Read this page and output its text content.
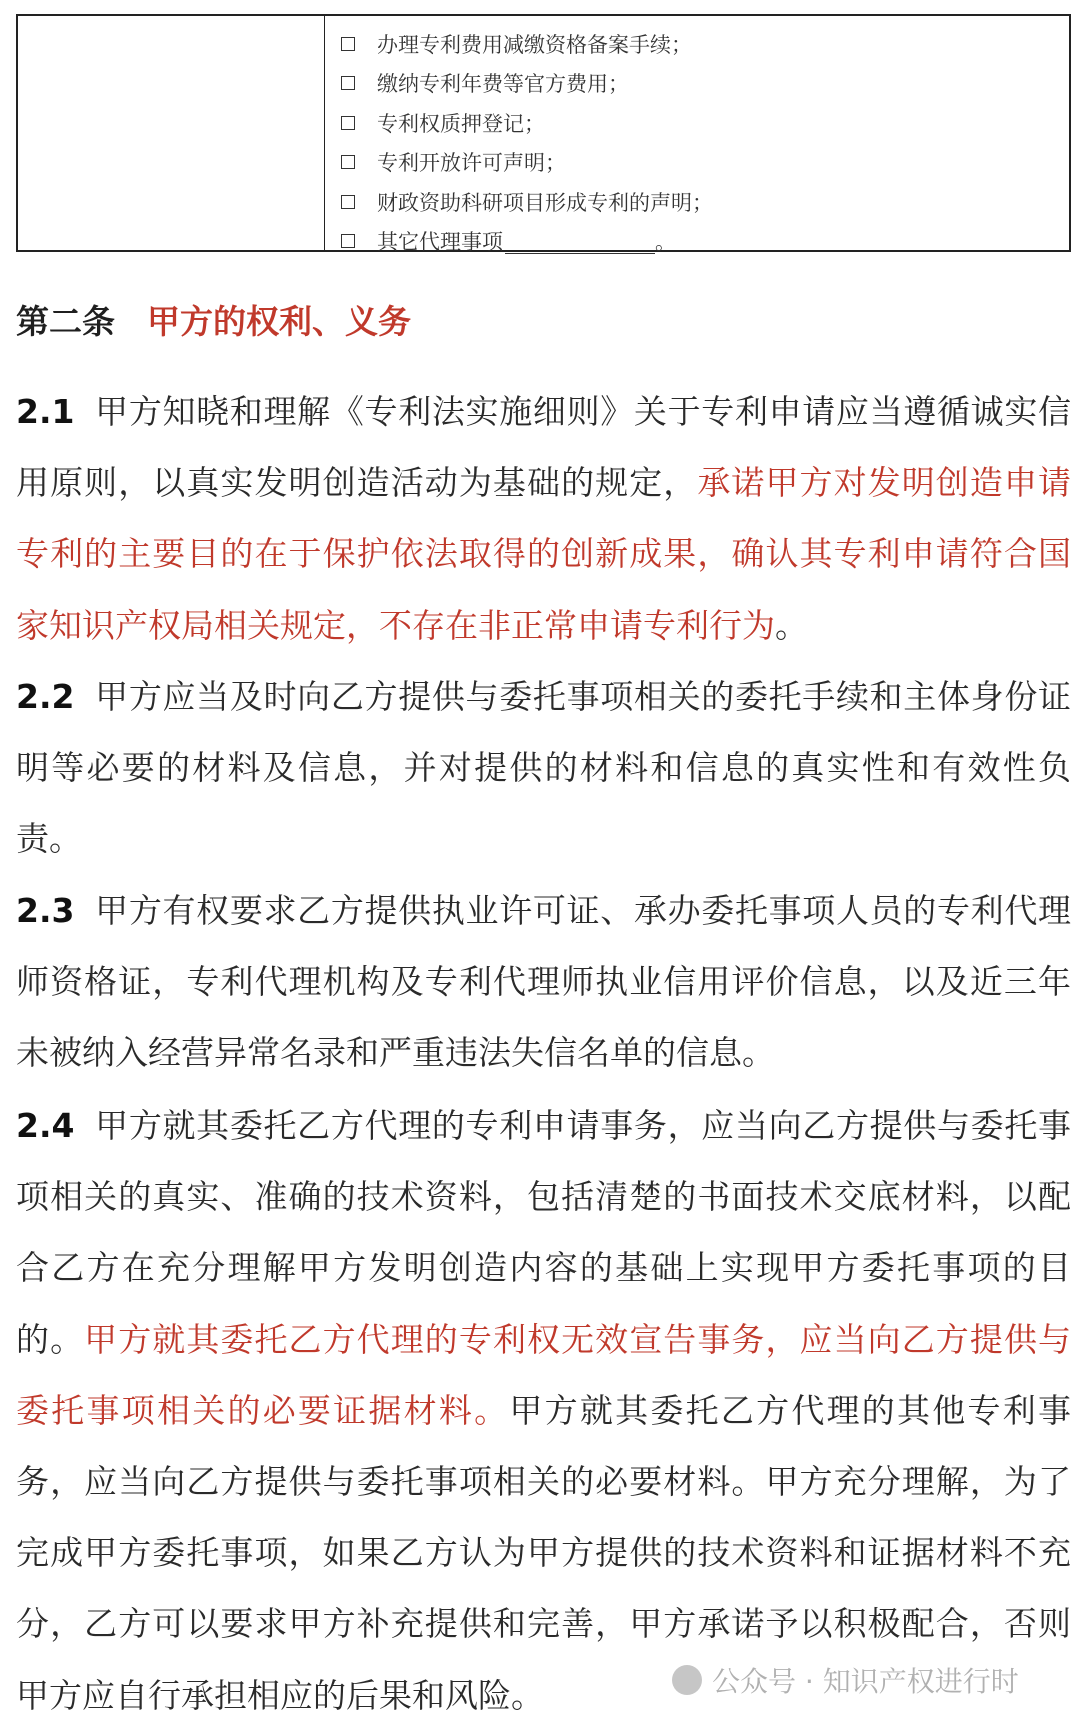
办理专利费用减缴资格备案手续；
缴纳专利年费等官方费用；
专利权质押登记；
专利开放许可声明；
财政资助科研项目形成专利的声明；
其它代理事项	。
第二条 甲方的权利、义务
2.1 甲方知晓和理解《专利法实施细则》关于专利申请应当遵循诚实信用原则，以真实发明创造活动为基础的规定，承诺甲方对发明创造申请专利的主要目的在于保护依法取得的创新成果，确认其专利申请符合国家知识产权局相关规定，不存在非正常申请专利行为。
2.2 甲方应当及时向乙方提供与委托事项相关的委托手续和主体身份证明等必要的材料及信息，并对提供的材料和信息的真实性和有效性负责。
2.3 甲方有权要求乙方提供执业许可证、承办委托事项人员的专利代理师资格证，专利代理机构及专利代理师执业信用评价信息，以及近三年未被纳入经营异常名录和严重违法失信名单的信息。
2.4 甲方就其委托乙方代理的专利申请事务，应当向乙方提供与委托事项相关的真实、准确的技术资料，包括清楚的书面技术交底材料，以配合乙方在充分理解甲方发明创造内容的基础上实现甲方委托事项的目的。甲方就其委托乙方代理的专利权无效宣告事务，应当向乙方提供与委托事项相关的必要证据材料。甲方就其委托乙方代理的其他专利事务，应当向乙方提供与委托事项相关的必要材料。甲方充分理解，为了完成甲方委托事项，如果乙方认为甲方提供的技术资料和证据材料不充分，乙方可以要求甲方补充提供和完善，甲方承诺予以积极配合，否则甲方应自行承担相应的后果和风险。	公众号 · 知识产权进行时
